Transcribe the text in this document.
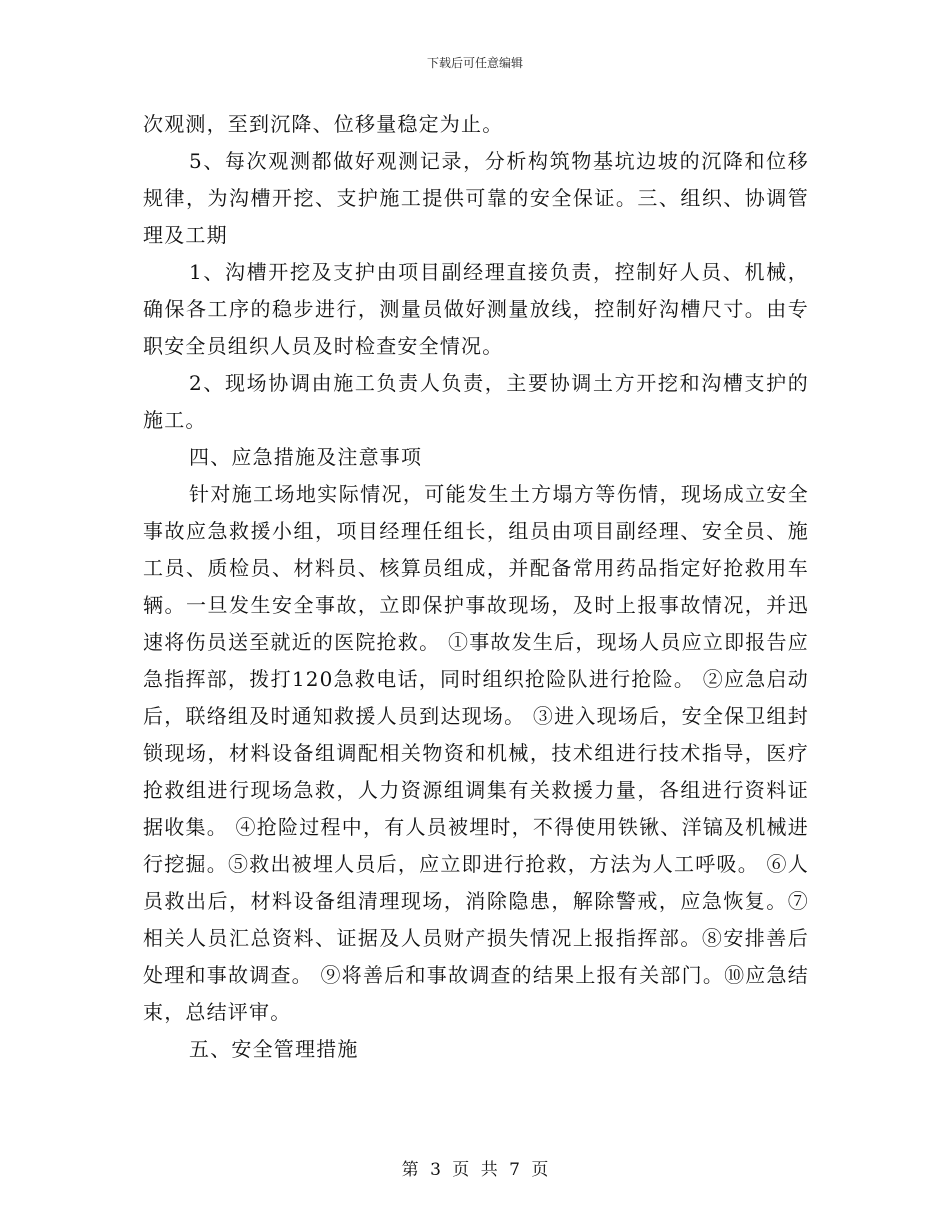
下载后可任意编辑

次观测，至到沉降、位移量稳定为止。

5、每次观测都做好观测记录，分析构筑物基坑边坡的沉降和位移规律，为沟槽开挖、支护施工提供可靠的安全保证。三、组织、协调管理及工期

1、沟槽开挖及支护由项目副经理直接负责，控制好人员、机械，确保各工序的稳步进行，测量员做好测量放线，控制好沟槽尺寸。由专职安全员组织人员及时检查安全情况。

2、现场协调由施工负责人负责，主要协调土方开挖和沟槽支护的施工。

四、应急措施及注意事项

针对施工场地实际情况，可能发生土方塌方等伤情，现场成立安全事故应急救援小组，项目经理任组长，组员由项目副经理、安全员、施工员、质检员、材料员、核算员组成，并配备常用药品指定好抢救用车辆。一旦发生安全事故，立即保护事故现场，及时上报事故情况，并迅速将伤员送至就近的医院抢救。 ①事故发生后，现场人员应立即报告应急指挥部，拨打120急救电话，同时组织抢险队进行抢险。 ②应急启动后，联络组及时通知救援人员到达现场。 ③进入现场后，安全保卫组封锁现场，材料设备组调配相关物资和机械，技术组进行技术指导，医疗抢救组进行现场急救，人力资源组调集有关救援力量，各组进行资料证据收集。 ④抢险过程中，有人员被埋时，不得使用铁锹、洋镐及机械进行挖掘。⑤救出被埋人员后，应立即进行抢救，方法为人工呼吸。 ⑥人员救出后，材料设备组清理现场，消除隐患，解除警戒，应急恢复。⑦相关人员汇总资料、证据及人员财产损失情况上报指挥部。⑧安排善后处理和事故调查。 ⑨将善后和事故调查的结果上报有关部门。⑩应急结束，总结评审。

五、安全管理措施

第 3 页 共 7 页
